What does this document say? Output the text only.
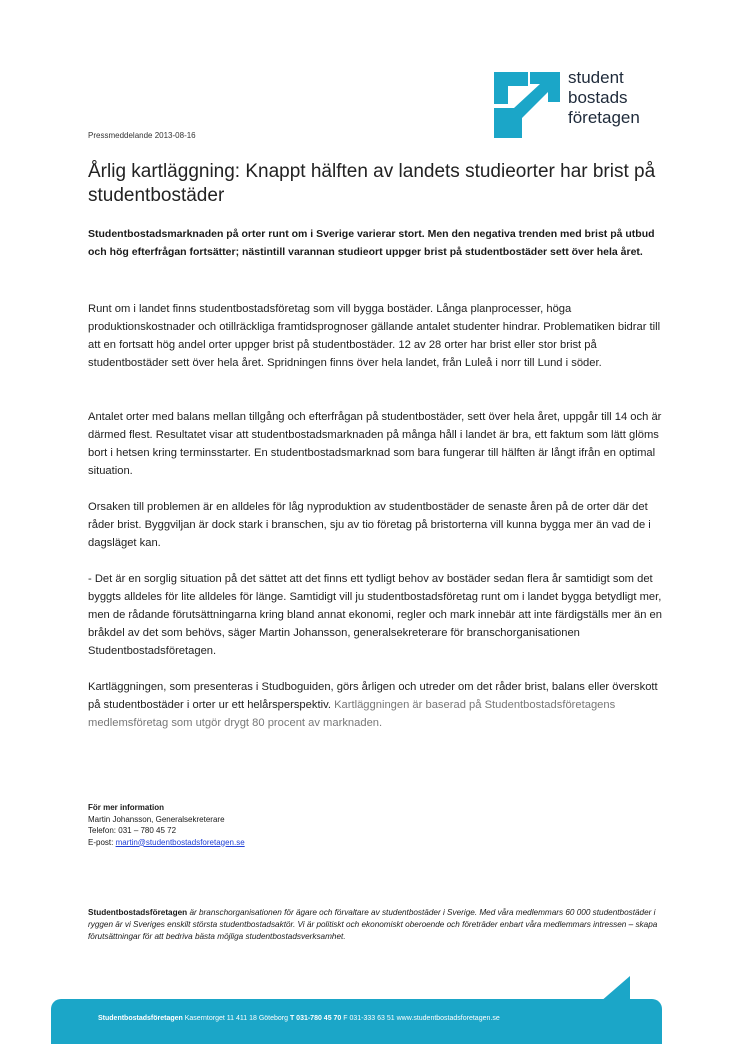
student
bostads
företagen
Pressmeddelande 2013-08-16
Årlig kartläggning: Knappt hälften av landets studieorter har brist på studentbostäder

Studentbostadsmarknaden på orter runt om i Sverige varierar stort. Men den negativa trenden med brist på utbud och hög efterfrågan fortsätter; nästintill varannan studieort uppger brist på studentbostäder sett över hela året.

Runt om i landet finns studentbostadsföretag som vill bygga bostäder. Långa planprocesser, höga produktionskostnader och otillräckliga framtidsprognoser gällande antalet studenter hindrar. Problematiken bidrar till att en fortsatt hög andel orter uppger brist på studentbostäder. 12 av 28 orter har brist eller stor brist på studentbostäder sett över hela året. Spridningen finns över hela landet, från Luleå i norr till Lund i söder.

Antalet orter med balans mellan tillgång och efterfrågan på studentbostäder, sett över hela året, uppgår till 14 och är därmed flest. Resultatet visar att studentbostadsmarknaden på många håll i landet är bra, ett faktum som lätt glöms bort i hetsen kring terminsstarter. En studentbostadsmarknad som bara fungerar till hälften är långt ifrån en optimal situation.

Orsaken till problemen är en alldeles för låg nyproduktion av studentbostäder de senaste åren på de orter där det råder brist. Byggviljan är dock stark i branschen, sju av tio företag på bristorterna vill kunna bygga mer än vad de i dagsläget kan.

- Det är en sorglig situation på det sättet att det finns ett tydligt behov av bostäder sedan flera år samtidigt som det byggts alldeles för lite alldeles för länge. Samtidigt vill ju studentbostadsföretag runt om i landet bygga betydligt mer, men de rådande förutsättningarna kring bland annat ekonomi, regler och mark innebär att inte färdigställs mer än en bråkdel av det som behövs, säger Martin Johansson, generalsekreterare för branschorganisationen Studentbostadsföretagen.

Kartläggningen, som presenteras i Studboguiden, görs årligen och utreder om det råder brist, balans eller överskott på studentbostäder i orter ur ett helårsperspektiv. Kartläggningen är baserad på Studentbostadsföretagens medlemsföretag som utgör drygt 80 procent av marknaden.

För mer information
Martin Johansson, Generalsekreterare
Telefon: 031 – 780 45 72
E-post: martin@studentbostadsforetagen.se

Studentbostadsföretagen är branschorganisationen för ägare och förvaltare av studentbostäder i Sverige. Med våra medlemmars 60 000 studentbostäder i ryggen är vi Sveriges enskilt största studentbostadsaktör. Vi är politiskt och ekonomiskt oberoende och företräder enbart våra medlemmars intressen – skapa förutsättningar för att bedriva bästa möjliga studentbostadsverksamhet.

Studentbostadsföretagen Kaserntorget 11 411 18 Göteborg T 031-780 45 70 F 031-333 63 51 www.studentbostadsforetagen.se
